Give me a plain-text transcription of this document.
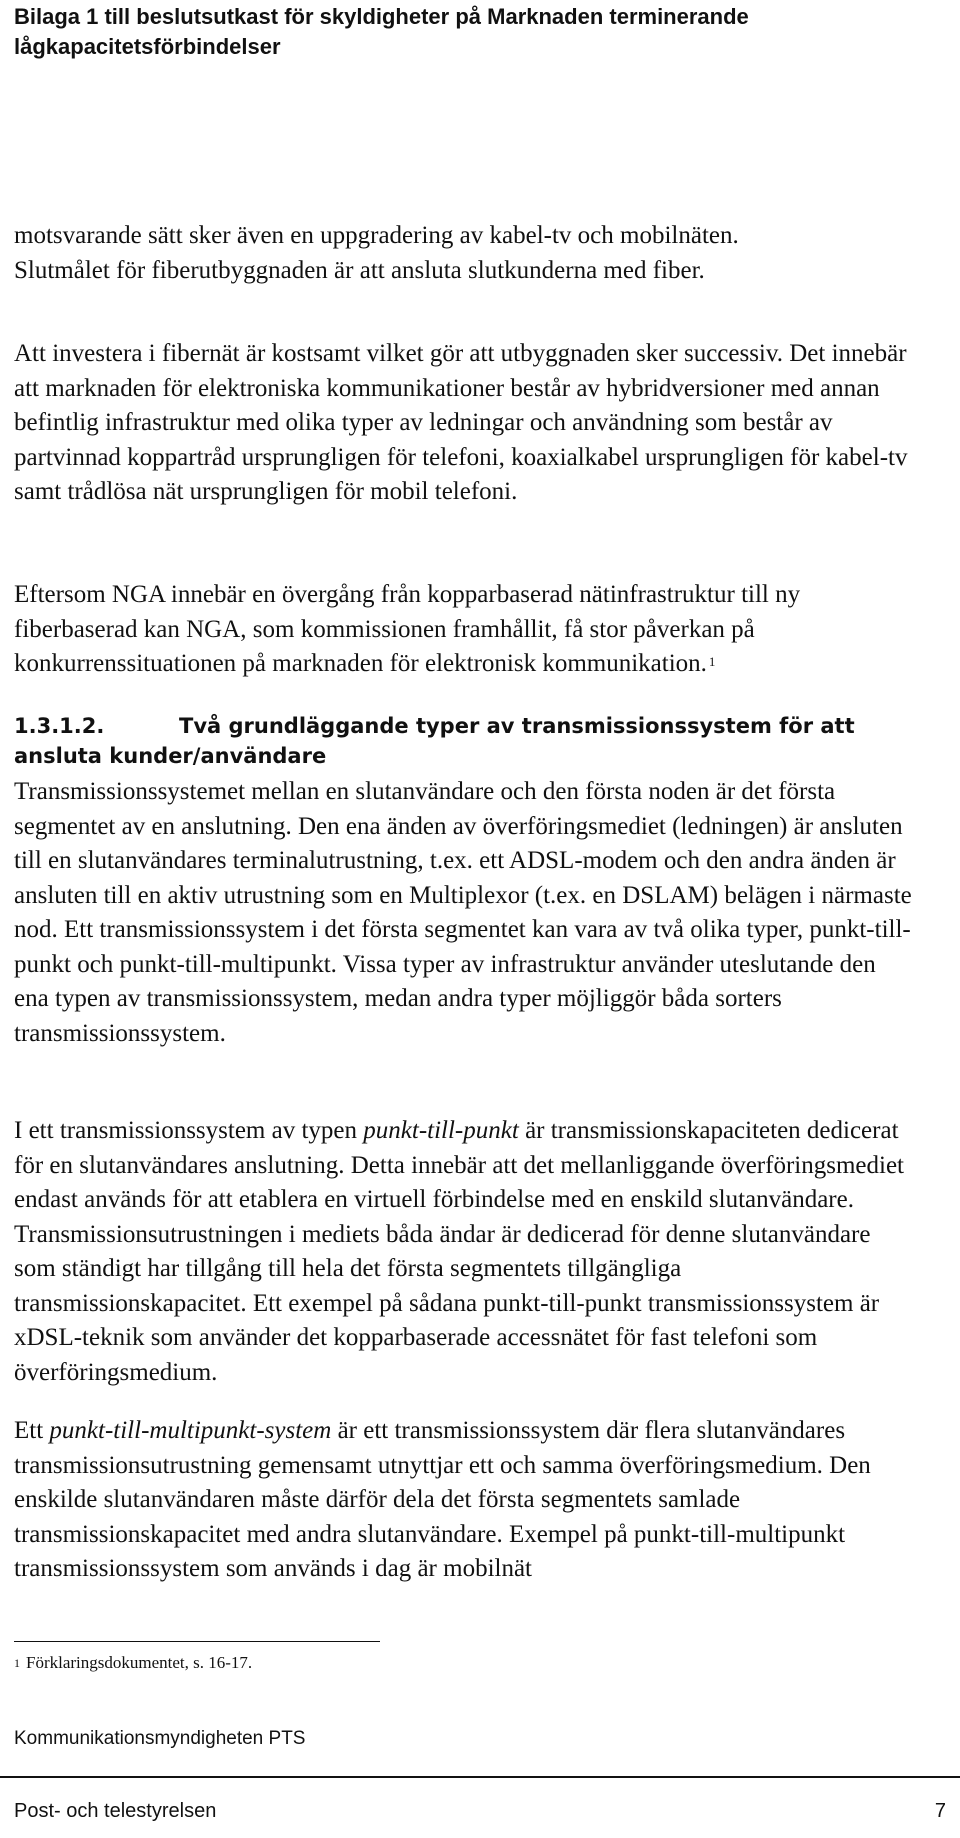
Bilaga 1 till beslutsutkast för skyldigheter på Marknaden terminerande
lågkapacitetsförbindelser

motsvarande sätt sker även en uppgradering av kabel-tv och mobilnäten.
Slutmålet för fiberutbyggnaden är att ansluta slutkunderna med fiber.

Att investera i fibernät är kostsamt vilket gör att utbyggnaden sker successiv. Det innebär att marknaden för elektroniska kommunikationer består av hybridversioner med annan befintlig infrastruktur med olika typer av ledningar och användning som består av partvinnad koppartråd ursprungligen för telefoni, koaxialkabel ursprungligen för kabel-tv samt trådlösa nät ursprungligen för mobil telefoni.

Eftersom NGA innebär en övergång från kopparbaserad nätinfrastruktur till ny fiberbaserad kan NGA, som kommissionen framhållit, få stor påverkan på konkurrenssituationen på marknaden för elektronisk kommunikation. $^1$

1.3.1.2.	Två grundläggande typer av transmissionssystem för att ansluta kunder/användare

Transmissionssystemet mellan en slutanvändare och den första noden är det första segmentet av en anslutning. Den ena änden av överföringsmediet (ledningen) är ansluten till en slutanvändares terminalutrustning, t.ex. ett ADSL-modem och den andra änden är ansluten till en aktiv utrustning som en Multiplexor (t.ex. en DSLAM) belägen i närmaste nod. Ett transmissionssystem i det första segmentet kan vara av två olika typer, punkt-till-punkt och punkt-till-multipunkt. Vissa typer av infrastruktur använder uteslutande den ena typen av transmissionssystem, medan andra typer möjliggör båda sorters transmissionssystem.

I ett transmissionssystem av typen punkt-till-punkt är transmissionskapaciteten dedicerat för en slutanvändares anslutning. Detta innebär att det mellanliggande överföringsmediet endast används för att etablera en virtuell förbindelse med en enskild slutanvändare. Transmissionsutrustningen i mediets båda ändar är dedicerad för denne slutanvändare som ständigt har tillgång till hela det första segmentets tillgängliga transmissionskapacitet. Ett exempel på sådana punkt-till-punkt transmissionssystem är xDSL-teknik som använder det kopparbaserade accessnätet för fast telefoni som överföringsmedium.

Ett punkt-till-multipunkt-system är ett transmissionssystem där flera slutanvändares transmissionsutrustning gemensamt utnyttjar ett och samma överföringsmedium. Den enskilde slutanvändaren måste därför dela det första segmentets samlade transmissionskapacitet med andra slutanvändare. Exempel på punkt-till-multipunkt transmissionssystem som används i dag är mobilnät

$^1$ Förklaringsdokumentet, s. 16-17.

Kommunikationsmyndigheten PTS

Post- och telestyrelsen	7
